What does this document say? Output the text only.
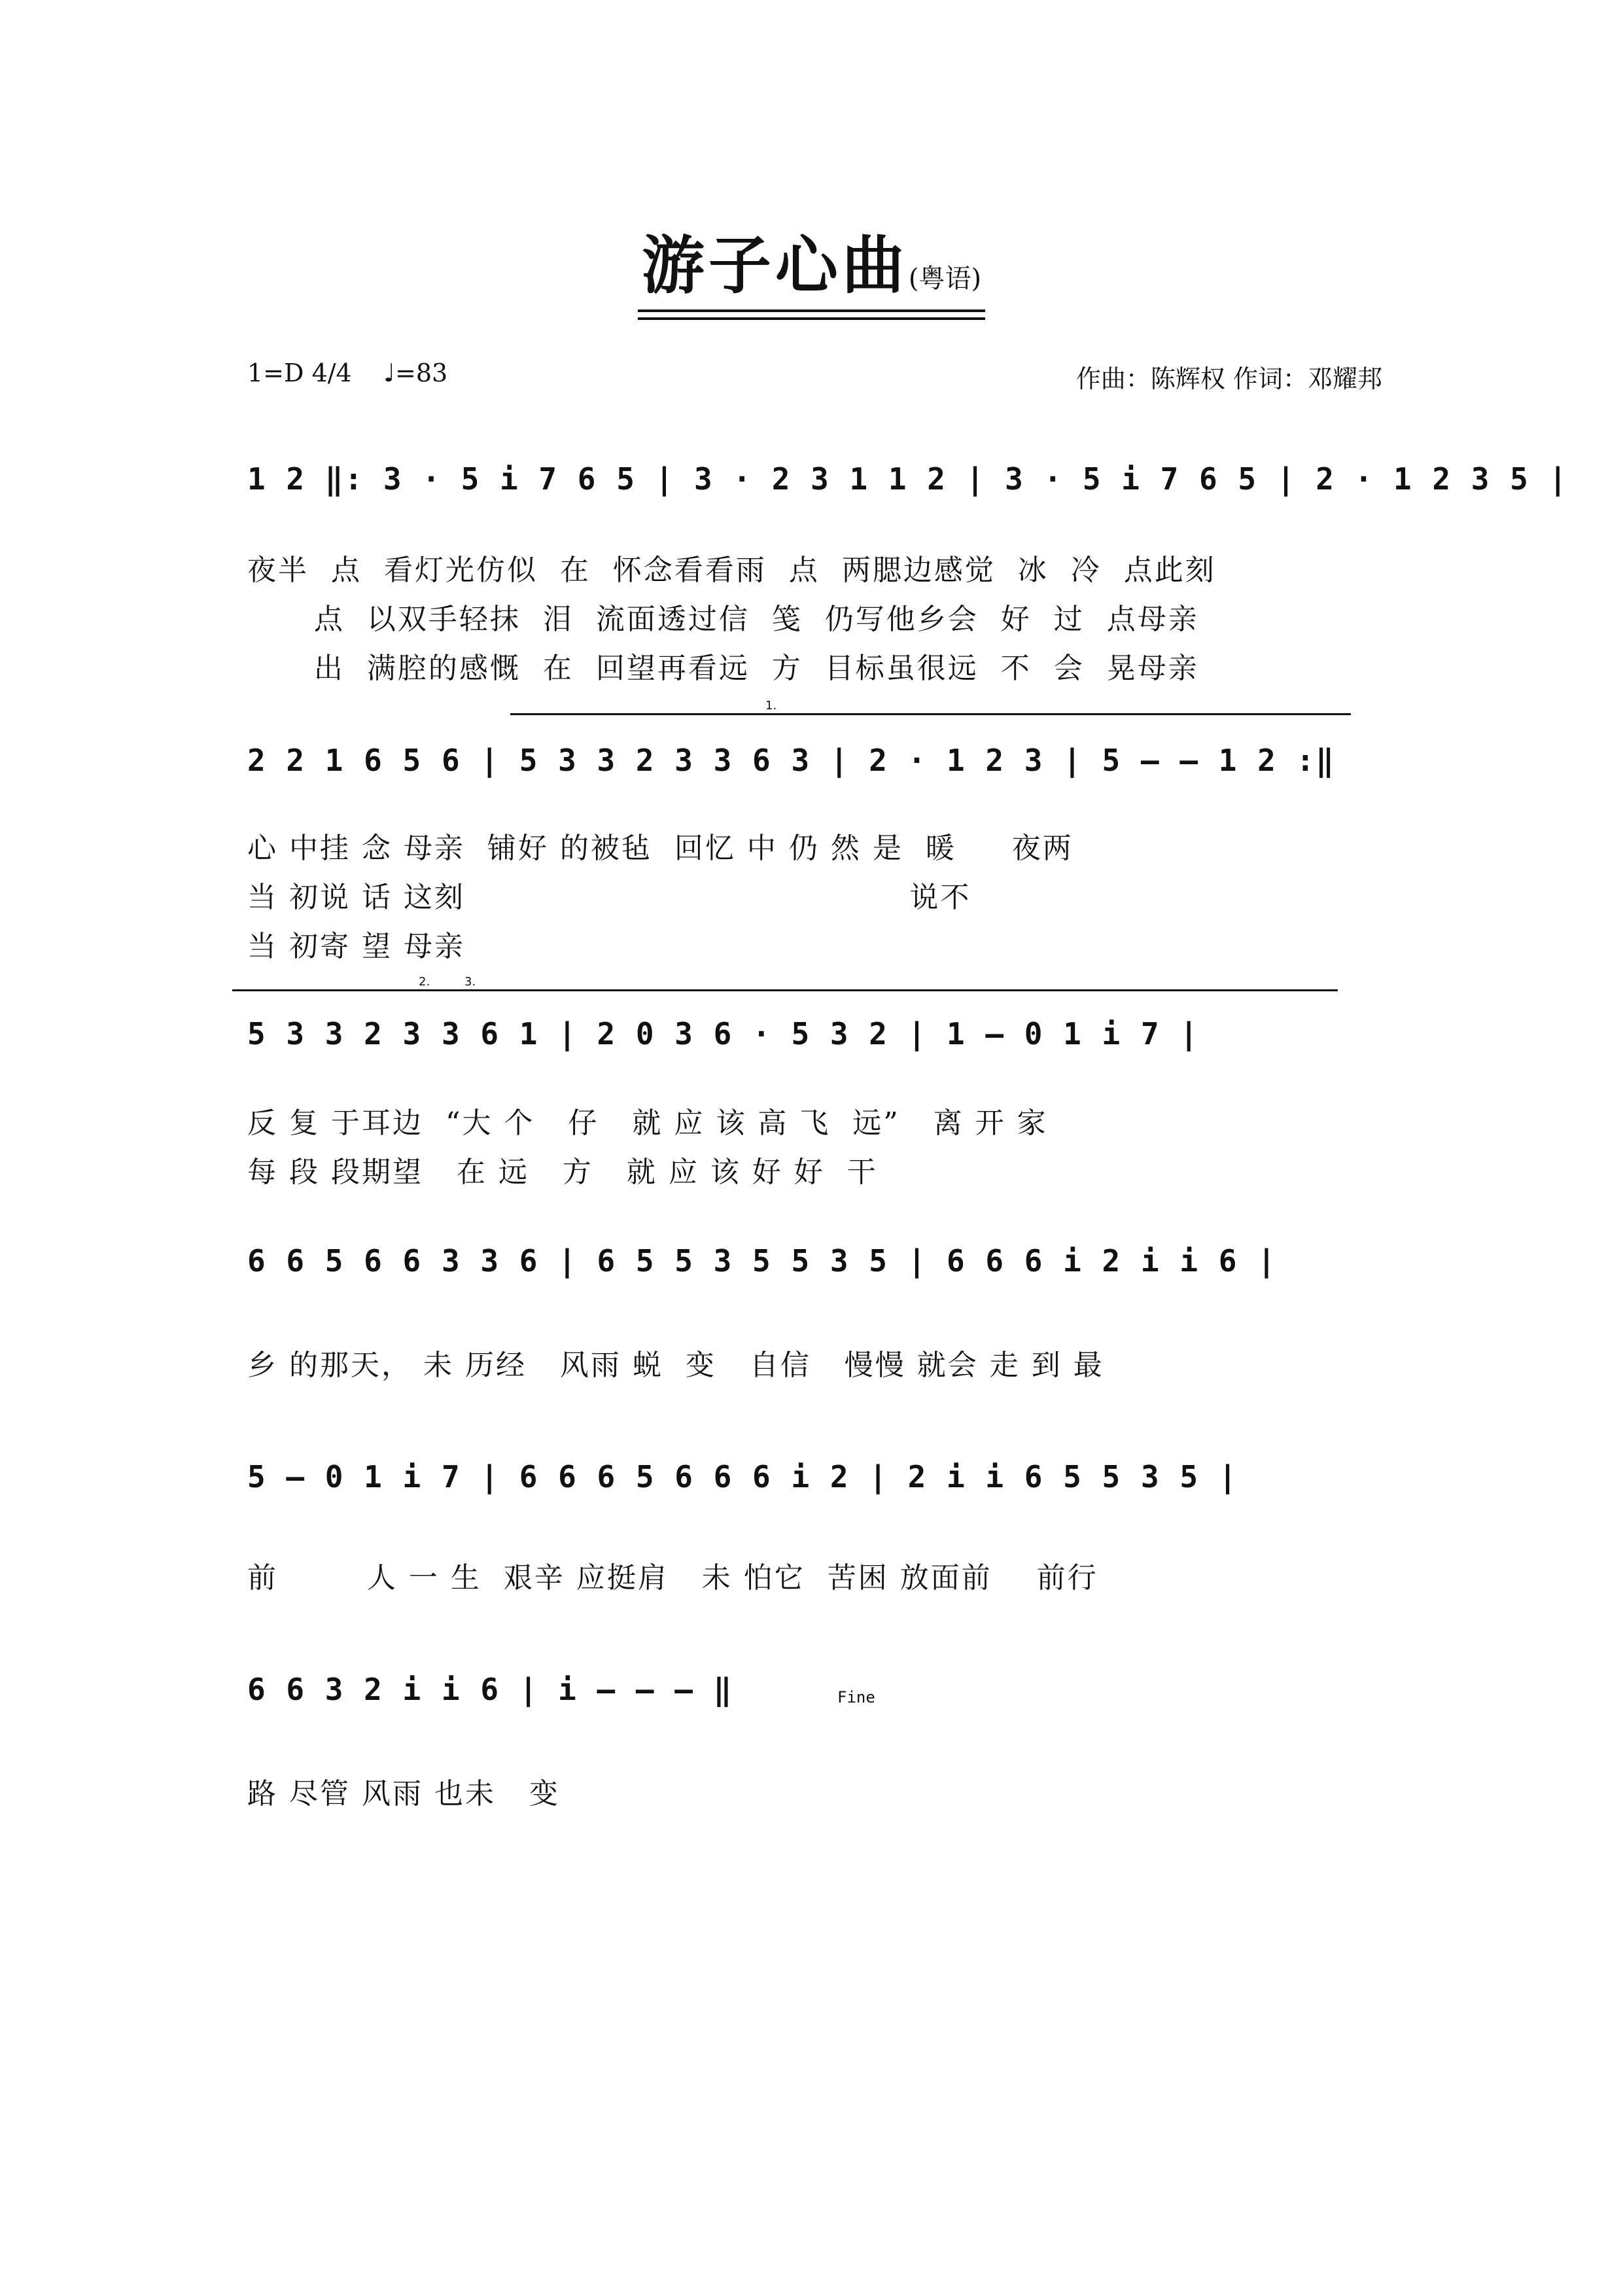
游子心曲(粤语)
1=D 4/4 ♩=83	作曲：陈辉权 作词：邓耀邦
1 2 ‖: 3 · 5 i 7 6 5 | 3 · 2 3 1 1 2 | 3 · 5 i 7 6 5 | 2 · 1 2 3 5 |
夜半  点  看灯光仿似  在  怀念看看雨  点  两腮边感觉  冰  冷  点此刻
点  以双手轻抹  泪  流面透过信  笺  仍写他乡会  好  过  点母亲
出  满腔的感慨  在  回望再看远  方  目标虽很远  不  会  晃母亲
1.
2 2 1 6 5 6 | 5 3 3 2 3 3 6 3 | 2 · 1 2 3 | 5 – – 1 2 :‖
心 中挂 念 母亲  铺好 的被毡  回忆 中 仍 然 是  暖     夜两
当 初说 话 这刻                                        说不
当 初寄 望 母亲
2.	3.
5 3 3 2 3 3 6 1 | 2 0 3 6 · 5 3 2 | 1 – 0 1 i 7 |
反 复 于耳边  “大 个   仔   就 应 该 高 飞  远”   离 开 家
每 段 段期望   在 远   方   就 应 该 好 好  干
6 6 5 6 6 3 3 6 | 6 5 5 3 5 5 3 5 | 6 6 6 i 2 i i 6 |
乡 的那天， 未 历经   风雨 蜕  变   自信   慢慢 就会 走 到 最
5 – 0 1 i 7 | 6 6 6 5 6 6 6 i 2 | 2 i i 6 5 5 3 5 |
前        人 一 生  艰辛 应挺肩   未 怕它  苦困 放面前    前行
6 6 3 2 i i 6 | i – – – ‖	Fine
路 尽管 风雨 也未   变
